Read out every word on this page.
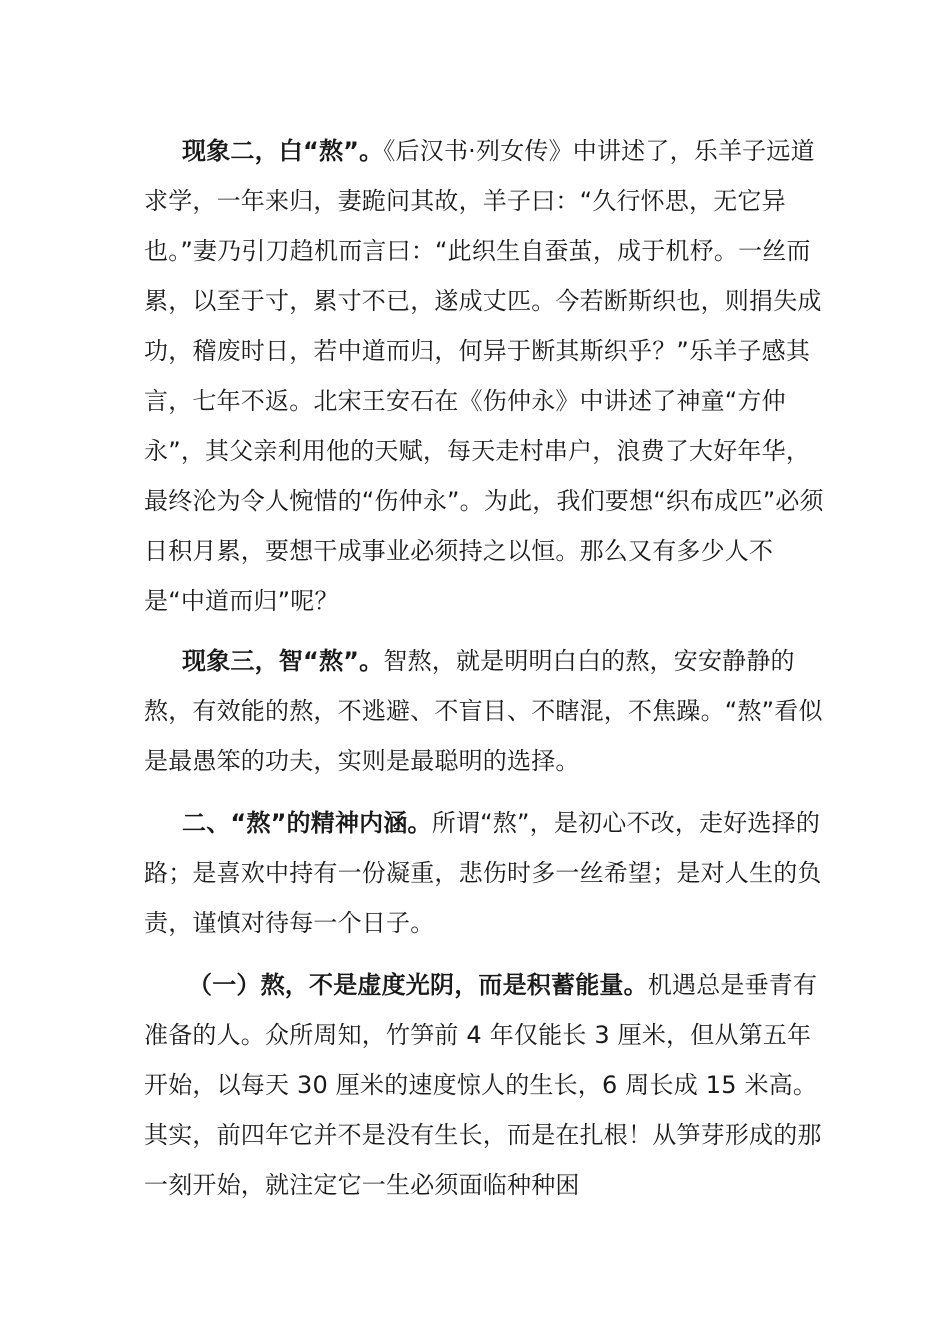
现象二，白“熬”。《后汉书·列女传》中讲述了，乐羊子远道求学，一年来归，妻跪问其故，羊子曰：“久行怀思，无它异也。”妻乃引刀趋机而言曰：“此织生自蚕茧，成于机杼。一丝而累，以至于寸，累寸不已，遂成丈匹。今若断斯织也，则捐失成功，稽废时日，若中道而归，何异于断其斯织乎？”乐羊子感其言，七年不返。北宋王安石在《伤仲永》中讲述了神童“方仲永”，其父亲利用他的天赋，每天走村串户，浪费了大好年华，最终沦为令人惋惜的“伤仲永”。为此，我们要想“织布成匹”必须日积月累，要想干成事业必须持之以恒。那么又有多少人不是“中道而归”呢？

现象三，智“熬”。智熬，就是明明白白的熬，安安静静的熬，有效能的熬，不逃避、不盲目、不瞎混，不焦躁。“熬”看似是最愚笨的功夫，实则是最聪明的选择。

二、“熬”的精神内涵。所谓“熬”，是初心不改，走好选择的路；是喜欢中持有一份凝重，悲伤时多一丝希望；是对人生的负责，谨慎对待每一个日子。

（一）熬，不是虚度光阴，而是积蓄能量。机遇总是垂青有准备的人。众所周知，竹笋前 4 年仅能长 3 厘米，但从第五年开始，以每天 30 厘米的速度惊人的生长，6 周长成 15 米高。其实，前四年它并不是没有生长，而是在扎根！从笋芽形成的那一刻开始，就注定它一生必须面临种种困
